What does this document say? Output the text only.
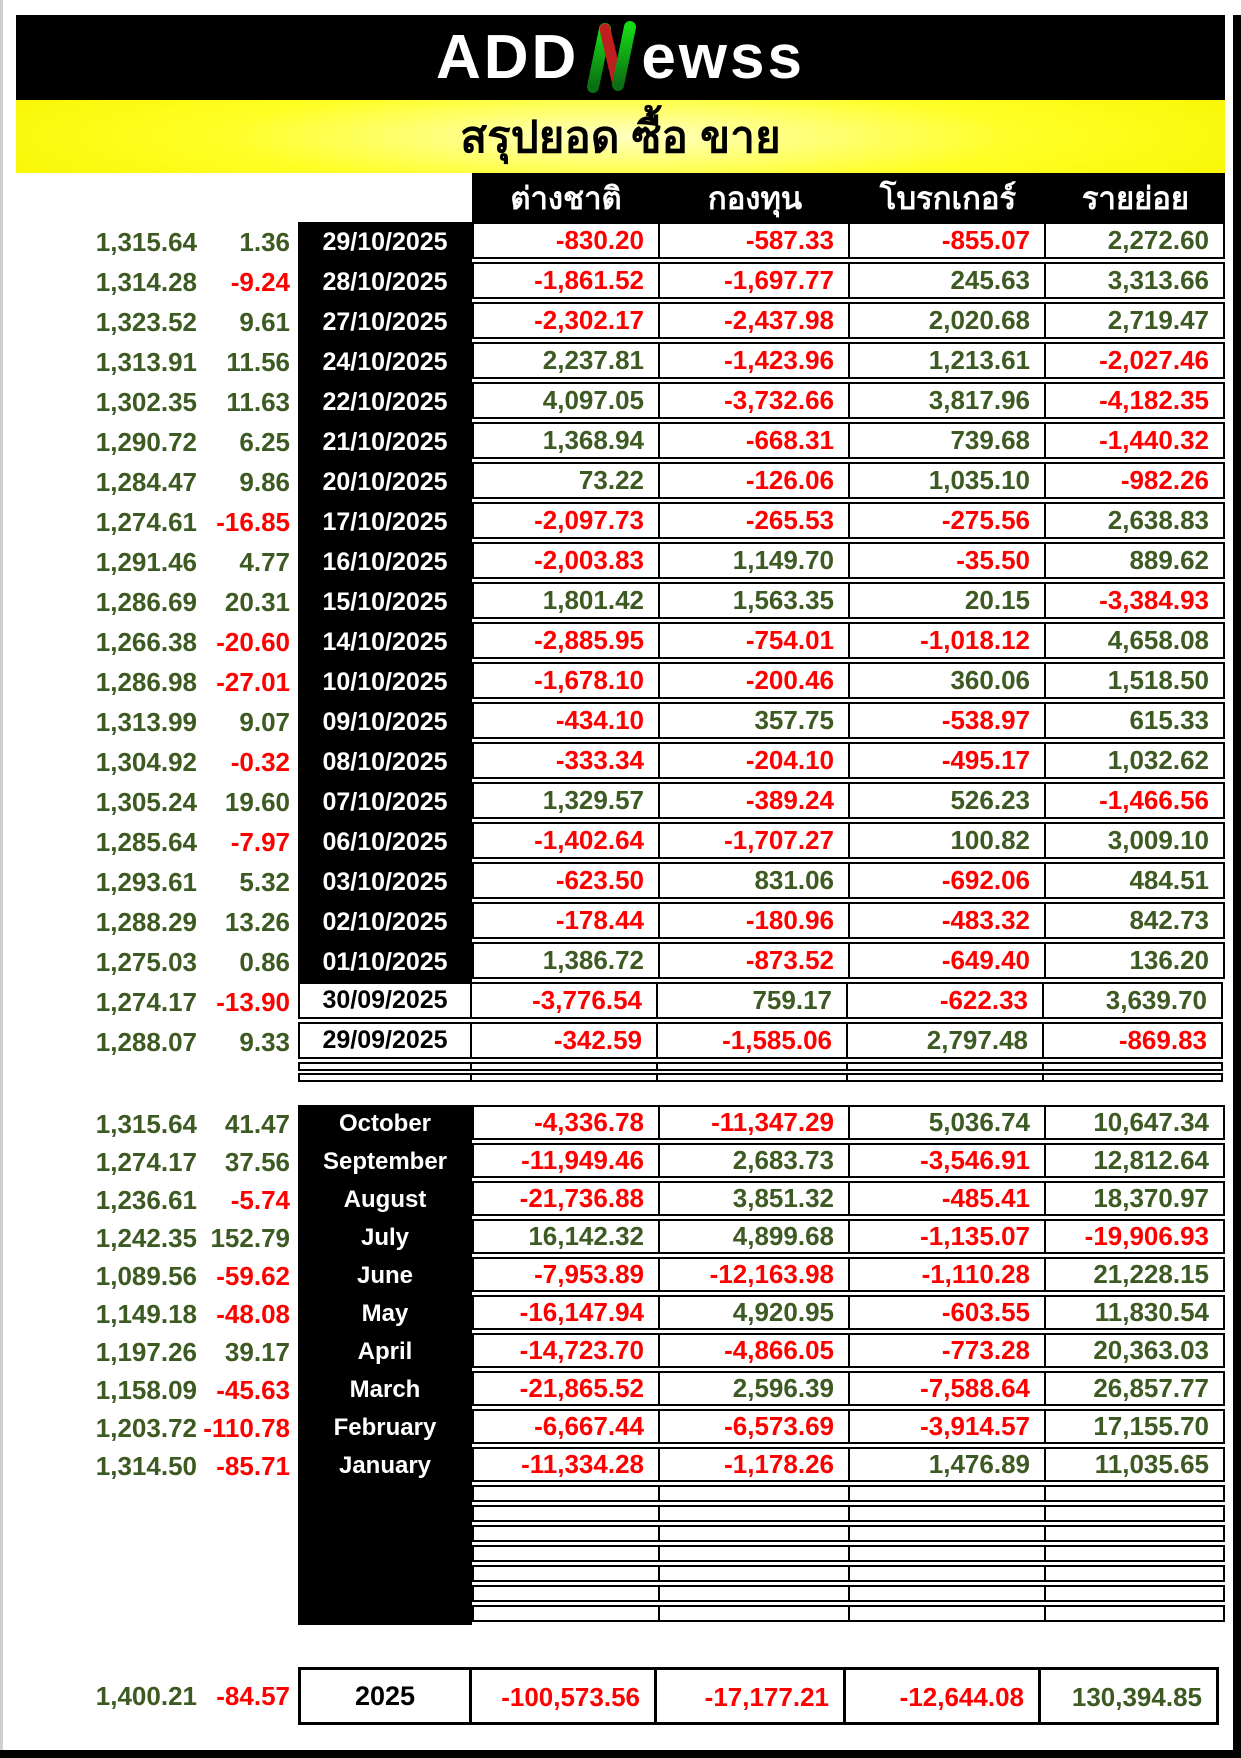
ADD ewss
สรุปยอด ซื้อ ขาย
ต่างชาติ	กองทุน	โบรกเกอร์	รายย่อย
1,315.64	1.36	29/10/2025	-830.20	-587.33	-855.07	2,272.60
1,314.28	-9.24	28/10/2025	-1,861.52	-1,697.77	245.63	3,313.66
1,323.52	9.61	27/10/2025	-2,302.17	-2,437.98	2,020.68	2,719.47
1,313.91	11.56	24/10/2025	2,237.81	-1,423.96	1,213.61	-2,027.46
1,302.35	11.63	22/10/2025	4,097.05	-3,732.66	3,817.96	-4,182.35
1,290.72	6.25	21/10/2025	1,368.94	-668.31	739.68	-1,440.32
1,284.47	9.86	20/10/2025	73.22	-126.06	1,035.10	-982.26
1,274.61 -16.85	17/10/2025	-2,097.73	-265.53	-275.56	2,638.83
1,291.46	4.77	16/10/2025	-2,003.83	1,149.70	-35.50	889.62
1,286.69	20.31	15/10/2025	1,801.42	1,563.35	20.15	-3,384.93
1,266.38 -20.60	14/10/2025	-2,885.95	-754.01	-1,018.12	4,658.08
1,286.98 -27.01	10/10/2025	-1,678.10	-200.46	360.06	1,518.50
1,313.99	9.07	09/10/2025	-434.10	357.75	-538.97	615.33
1,304.92	-0.32	08/10/2025	-333.34	-204.10	-495.17	1,032.62
1,305.24	19.60	07/10/2025	1,329.57	-389.24	526.23	-1,466.56
1,285.64	-7.97	06/10/2025	-1,402.64	-1,707.27	100.82	3,009.10
1,293.61	5.32	03/10/2025	-623.50	831.06	-692.06	484.51
1,288.29	13.26	02/10/2025	-178.44	-180.96	-483.32	842.73
1,275.03	0.86	01/10/2025	1,386.72	-873.52	-649.40	136.20
1,274.17 -13.90	30/09/2025	-3,776.54	759.17	-622.33	3,639.70
1,288.07	9.33	29/09/2025	-342.59	-1,585.06	2,797.48	-869.83
1,315.64	41.47	October	-4,336.78	-11,347.29	5,036.74	10,647.34
1,274.17	37.56	September	-11,949.46	2,683.73	-3,546.91	12,812.64
1,236.61	-5.74	August	-21,736.88	3,851.32	-485.41	18,370.97
1,242.35 152.79	July	16,142.32	4,899.68	-1,135.07	-19,906.93
1,089.56 -59.62	June	-7,953.89	-12,163.98	-1,110.28	21,228.15
1,149.18 -48.08	May	-16,147.94	4,920.95	-603.55	11,830.54
1,197.26	39.17	April	-14,723.70	-4,866.05	-773.28	20,363.03
1,158.09 -45.63	March	-21,865.52	2,596.39	-7,588.64	26,857.77
1,203.72 -110.78	February	-6,667.44	-6,573.69	-3,914.57	17,155.70
1,314.50 -85.71	January	-11,334.28	-1,178.26	1,476.89	11,035.65
1,400.21 -84.57	2025	-100,573.56	-17,177.21	-12,644.08	130,394.85
